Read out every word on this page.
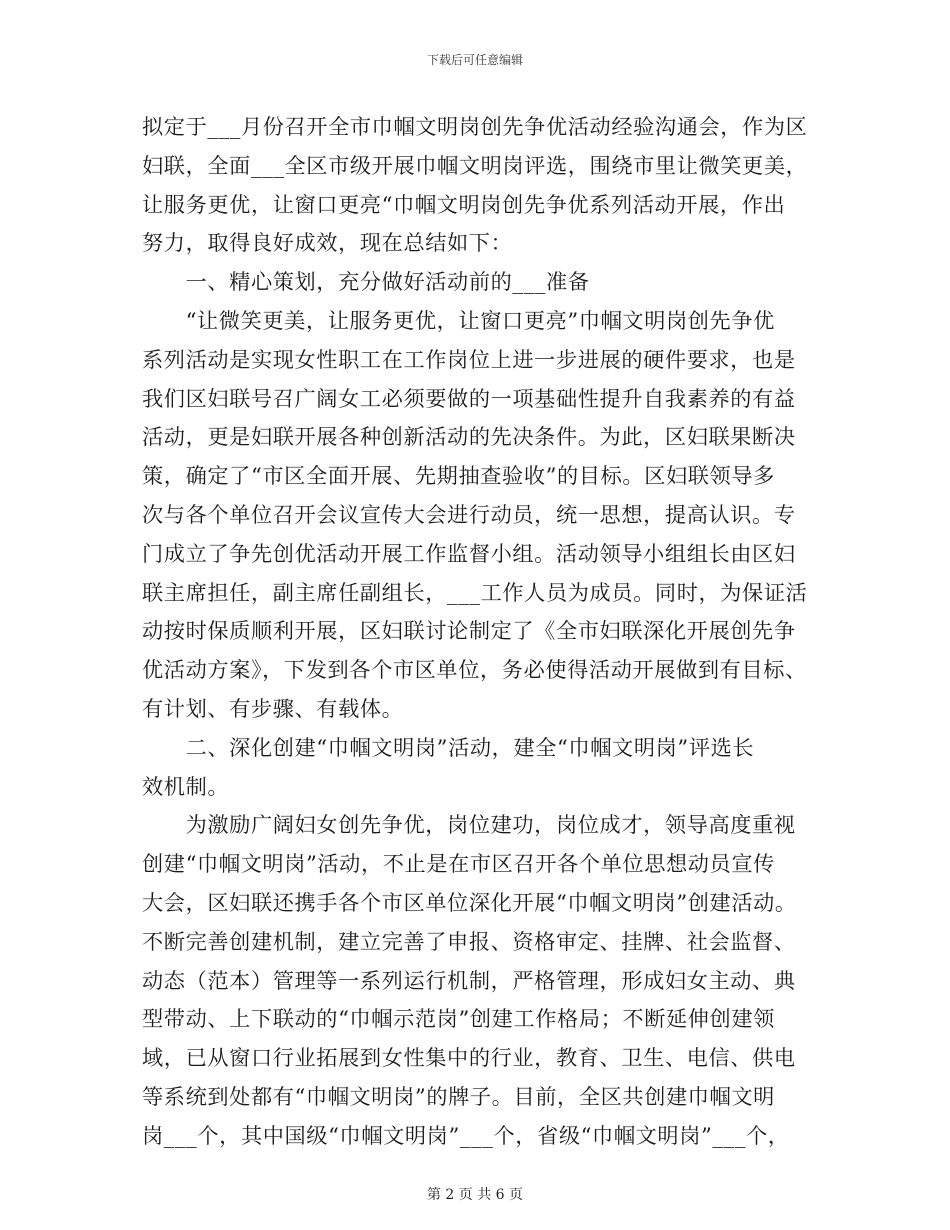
下载后可任意编辑
拟定于___月份召开全市巾帼文明岗创先争优活动经验沟通会，作为区
妇联，全面___全区市级开展巾帼文明岗评选，围绕市里让微笑更美，
让服务更优，让窗口更亮“巾帼文明岗创先争优系列活动开展，作出
努力，取得良好成效，现在总结如下：
　　一、精心策划，充分做好活动前的___准备
　　“让微笑更美，让服务更优，让窗口更亮”巾帼文明岗创先争优
系列活动是实现女性职工在工作岗位上进一步进展的硬件要求，也是
我们区妇联号召广阔女工必须要做的一项基础性提升自我素养的有益
活动，更是妇联开展各种创新活动的先决条件。为此，区妇联果断决
策，确定了“市区全面开展、先期抽查验收”的目标。区妇联领导多
次与各个单位召开会议宣传大会进行动员，统一思想，提高认识。专
门成立了争先创优活动开展工作监督小组。活动领导小组组长由区妇
联主席担任，副主席任副组长，___工作人员为成员。同时，为保证活
动按时保质顺利开展，区妇联讨论制定了《全市妇联深化开展创先争
优活动方案》，下发到各个市区单位，务必使得活动开展做到有目标、
有计划、有步骤、有载体。
　　二、深化创建“巾帼文明岗”活动，建全“巾帼文明岗”评选长
效机制。
　　为激励广阔妇女创先争优，岗位建功，岗位成才，领导高度重视
创建“巾帼文明岗”活动，不止是在市区召开各个单位思想动员宣传
大会，区妇联还携手各个市区单位深化开展“巾帼文明岗”创建活动。
不断完善创建机制，建立完善了申报、资格审定、挂牌、社会监督、
动态（范本）管理等一系列运行机制，严格管理，形成妇女主动、典
型带动、上下联动的“巾帼示范岗”创建工作格局；不断延伸创建领
域，已从窗口行业拓展到女性集中的行业，教育、卫生、电信、供电
等系统到处都有“巾帼文明岗”的牌子。目前，全区共创建巾帼文明
岗___个，其中国级“巾帼文明岗”___个，省级“巾帼文明岗”___个，
第 2 页 共 6 页
